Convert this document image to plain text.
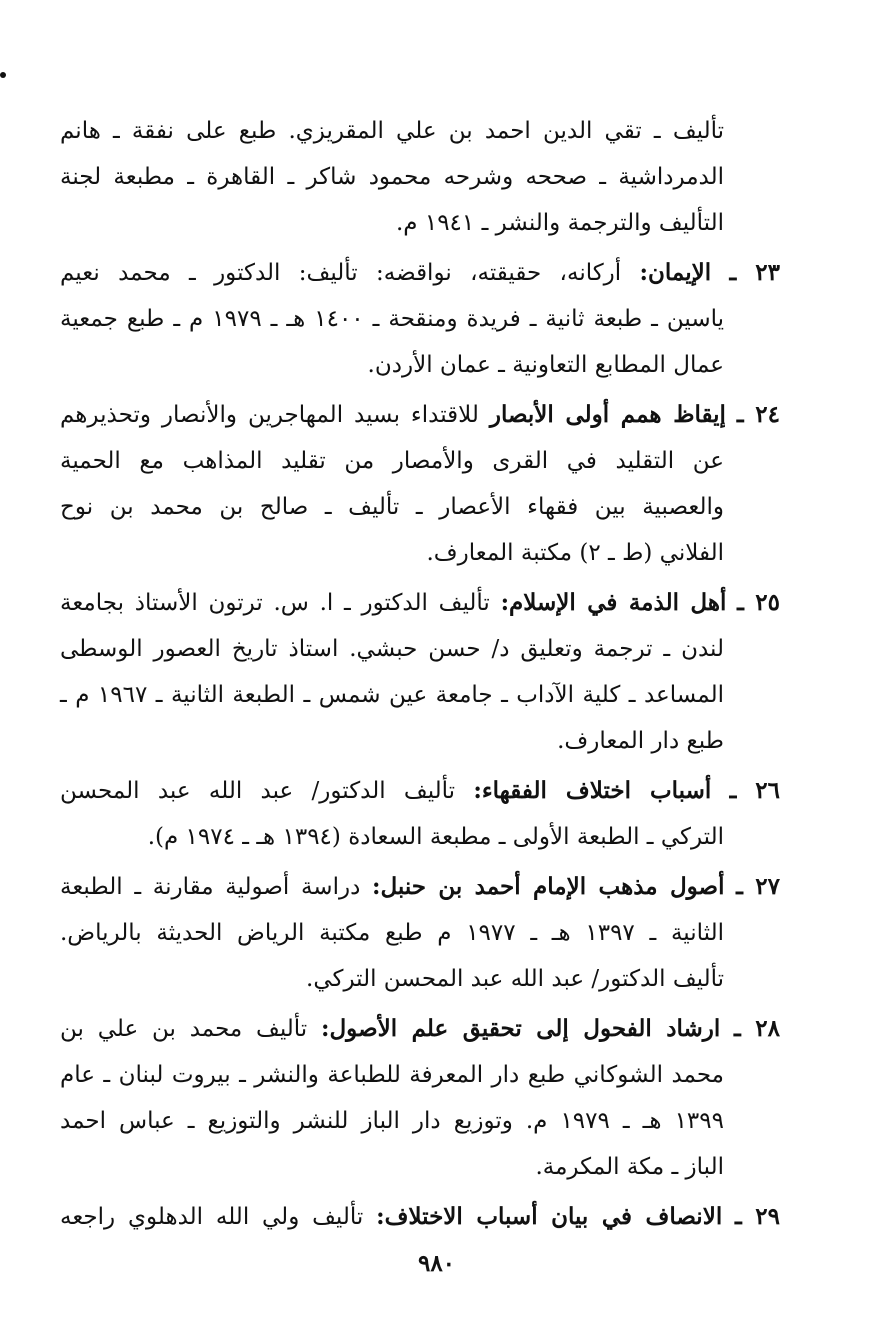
تأليف ـ تقي الدين احمد بن علي المقريزي. طبع على نفقة ـ هانم
الدمرداشية ـ صححه وشرحه محمود شاكر ـ القاهرة ـ مطبعة لجنة
التأليف والترجمة والنشر ـ ١٩٤١ م.
٢٣ ـ الإيمان: أركانه، حقيقته، نواقضه: تأليف: الدكتور ـ محمد نعيم
ياسين ـ طبعة ثانية ـ فريدة ومنقحة ـ ١٤٠٠ هـ ـ ١٩٧٩ م ـ طبع جمعية
عمال المطابع التعاونية ـ عمان الأردن.
٢٤ ـ إيقاظ همم أولى الأبصار للاقتداء بسيد المهاجرين والأنصار وتحذيرهم
عن التقليد في القرى والأمصار من تقليد المذاهب مع الحمية
والعصبية بين فقهاء الأعصار ـ تأليف ـ صالح بن محمد بن نوح
الفلاني (ط ـ ٢) مكتبة المعارف.
٢٥ ـ أهل الذمة في الإسلام: تأليف الدكتور ـ ا. س. ترتون الأستاذ بجامعة
لندن ـ ترجمة وتعليق د/ حسن حبشي. استاذ تاريخ العصور الوسطى
المساعد ـ كلية الآداب ـ جامعة عين شمس ـ الطبعة الثانية ـ ١٩٦٧ م ـ
طبع دار المعارف.
٢٦ ـ أسباب اختلاف الفقهاء: تأليف الدكتور/ عبد الله عبد المحسن
التركي ـ الطبعة الأولى ـ مطبعة السعادة (١٣٩٤ هـ ـ ١٩٧٤ م).
٢٧ ـ أصول مذهب الإمام أحمد بن حنبل: دراسة أصولية مقارنة ـ الطبعة
الثانية ـ ١٣٩٧ هـ ـ ١٩٧٧ م طبع مكتبة الرياض الحديثة بالرياض.
تأليف الدكتور/ عبد الله عبد المحسن التركي.
٢٨ ـ ارشاد الفحول إلى تحقيق علم الأصول: تأليف محمد بن علي بن
محمد الشوكاني طبع دار المعرفة للطباعة والنشر ـ بيروت لبنان ـ عام
١٣٩٩ هـ ـ ١٩٧٩ م. وتوزيع دار الباز للنشر والتوزيع ـ عباس احمد
الباز ـ مكة المكرمة.
٢٩ ـ الانصاف في بيان أسباب الاختلاف: تأليف ولي الله الدهلوي راجعه
٩٨٠
